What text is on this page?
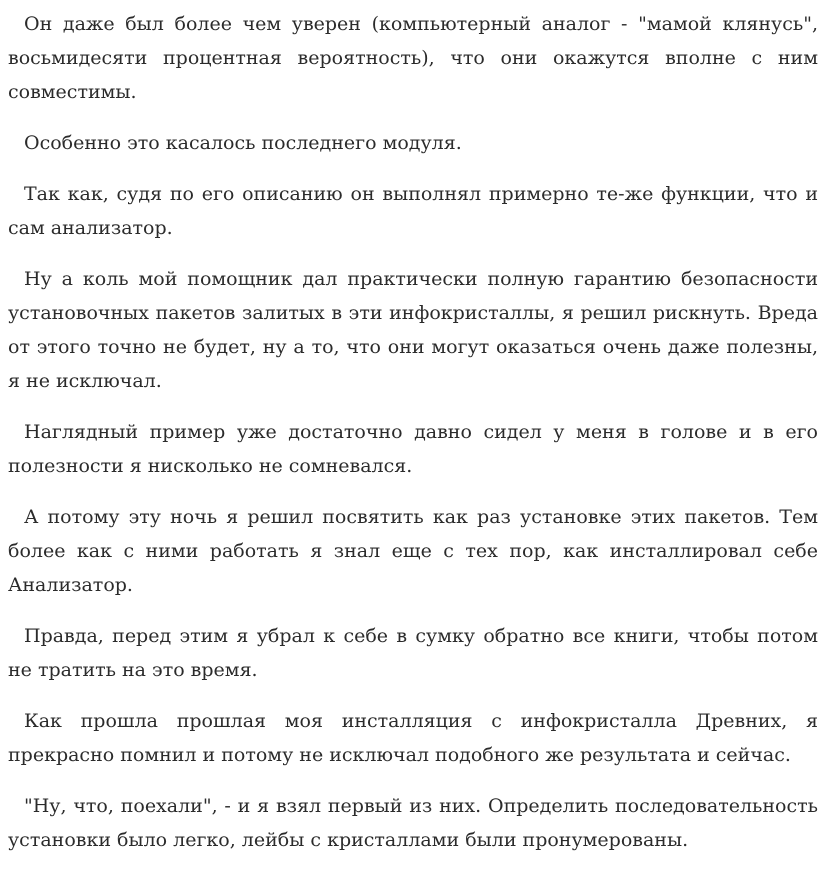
Он даже был более чем уверен (компьютерный аналог - "мамой клянусь", восьмидесяти процентная вероятность), что они окажутся вполне с ним совместимы.

Особенно это касалось последнего модуля.

Так как, судя по его описанию он выполнял примерно те-же функции, что и сам анализатор.

Ну а коль мой помощник дал практически полную гарантию безопасности установочных пакетов залитых в эти инфокристаллы, я решил рискнуть. Вреда от этого точно не будет, ну а то, что они могут оказаться очень даже полезны, я не исключал.

Наглядный пример уже достаточно давно сидел у меня в голове и в его полезности я нисколько не сомневался.

А потому эту ночь я решил посвятить как раз установке этих пакетов. Тем более как с ними работать я знал еще с тех пор, как инсталлировал себе Анализатор.

Правда, перед этим я убрал к себе в сумку обратно все книги, чтобы потом не тратить на это время.

Как прошла прошлая моя инсталляция с инфокристалла Древних, я прекрасно помнил и потому не исключал подобного же результата и сейчас.

"Ну, что, поехали", - и я взял первый из них. Определить последовательность установки было легко, лейбы с кристаллами были пронумерованы.
